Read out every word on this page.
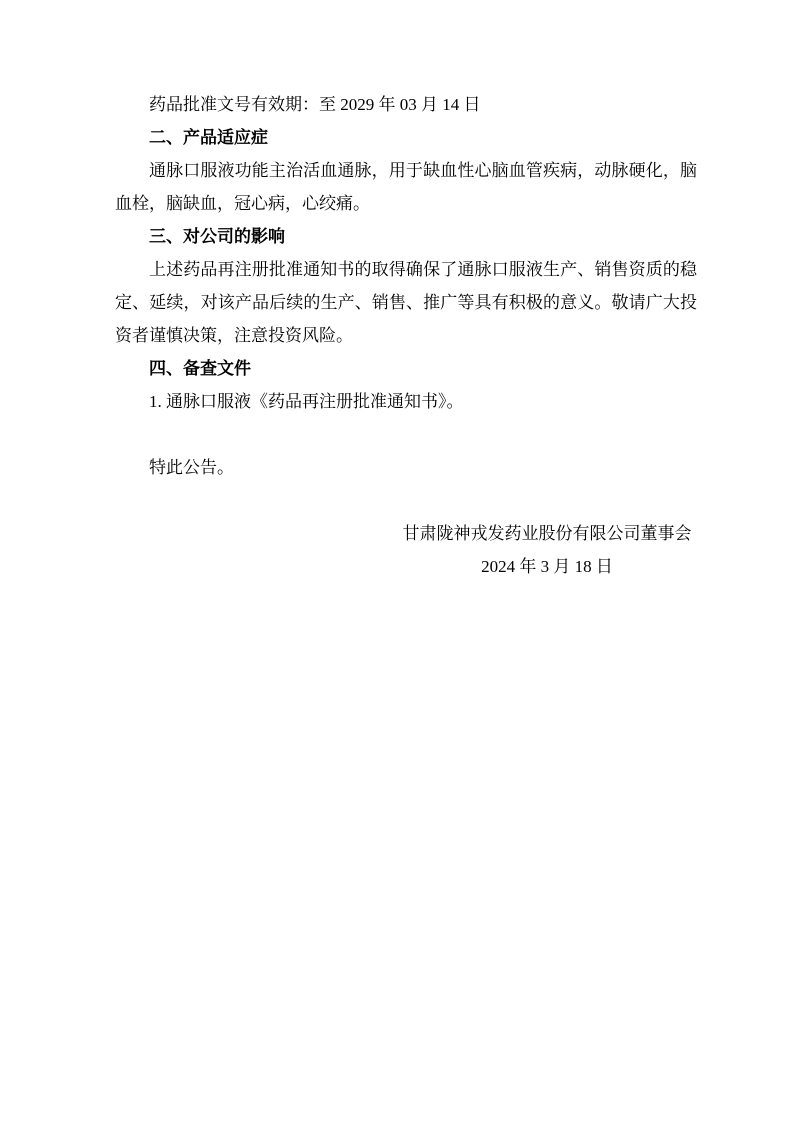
药品批准文号有效期：至 2029 年 03 月 14 日

二、产品适应症

通脉口服液功能主治活血通脉，用于缺血性心脑血管疾病，动脉硬化，脑血栓，脑缺血，冠心病，心绞痛。

三、对公司的影响

上述药品再注册批准通知书的取得确保了通脉口服液生产、销售资质的稳定、延续，对该产品后续的生产、销售、推广等具有积极的意义。敬请广大投资者谨慎决策，注意投资风险。

四、备查文件

1. 通脉口服液《药品再注册批准通知书》。

特此公告。

甘肃陇神戎发药业股份有限公司董事会

2024 年 3 月 18 日
